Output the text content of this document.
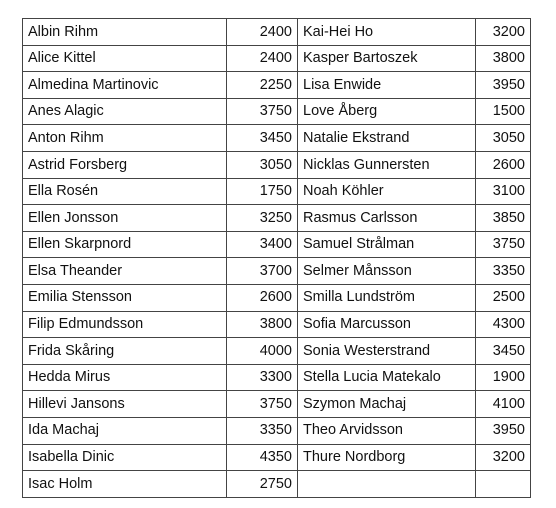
Albin Rihm	2400	Kai-Hei Ho	3200
Alice Kittel	2400	Kasper Bartoszek	3800
Almedina Martinovic	2250	Lisa Enwide	3950
Anes Alagic	3750	Love Åberg	1500
Anton Rihm	3450	Natalie Ekstrand	3050
Astrid Forsberg	3050	Nicklas Gunnersten	2600
Ella Rosén	1750	Noah Köhler	3100
Ellen Jonsson	3250	Rasmus Carlsson	3850
Ellen Skarpnord	3400	Samuel Strålman	3750
Elsa Theander	3700	Selmer Månsson	3350
Emilia Stensson	2600	Smilla Lundström	2500
Filip Edmundsson	3800	Sofia Marcusson	4300
Frida Skåring	4000	Sonia Westerstrand	3450
Hedda Mirus	3300	Stella Lucia Matekalo	1900
Hillevi Jansons	3750	Szymon Machaj	4100
Ida Machaj	3350	Theo Arvidsson	3950
Isabella Dinic	4350	Thure Nordborg	3200
Isac Holm	2750		
